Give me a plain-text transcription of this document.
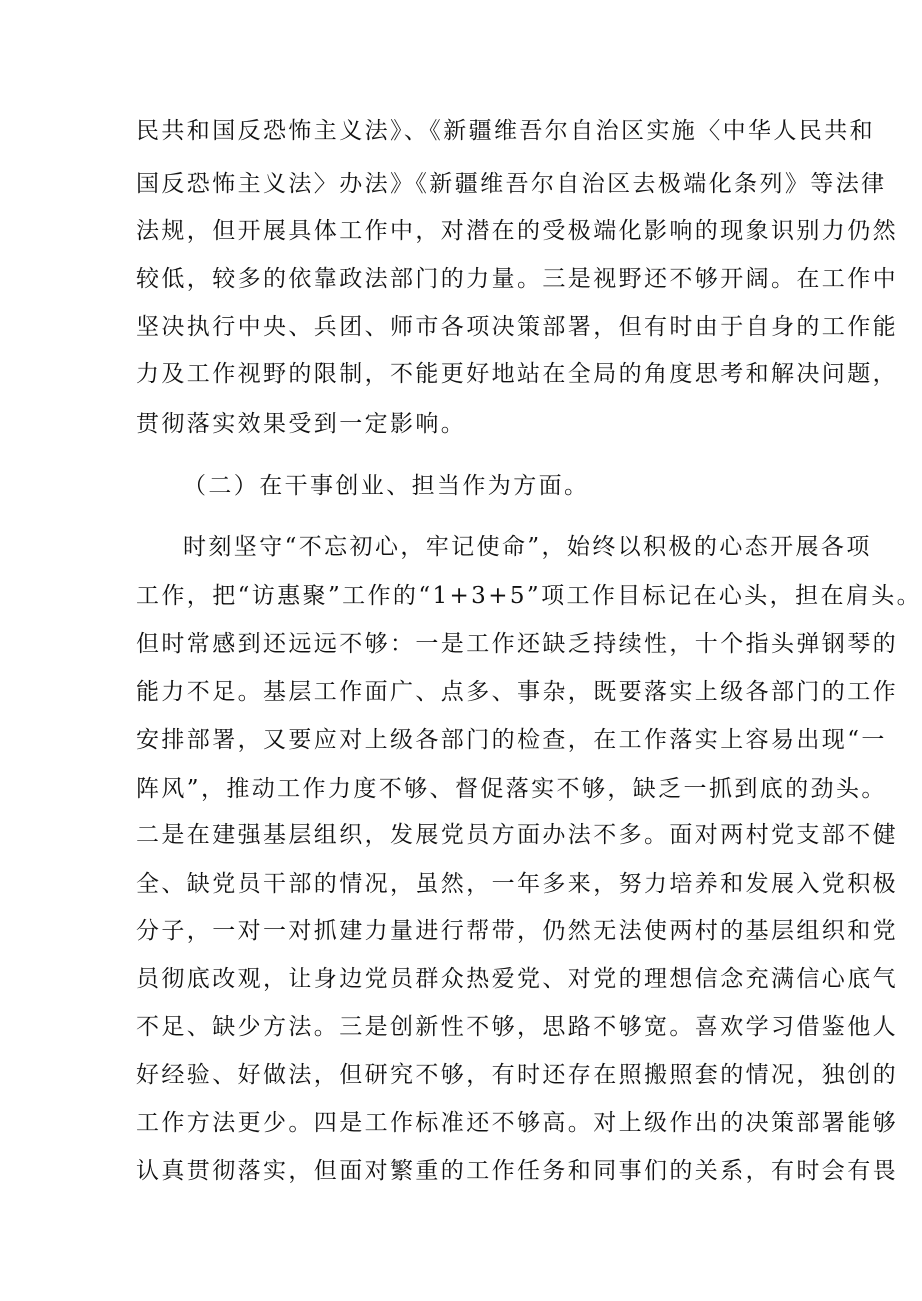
民共和国反恐怖主义法》、《新疆维吾尔自治区实施〈中华人民共和
国反恐怖主义法〉办法》《新疆维吾尔自治区去极端化条列》等法律
法规，但开展具体工作中，对潜在的受极端化影响的现象识别力仍然
较低，较多的依靠政法部门的力量。三是视野还不够开阔。在工作中
坚决执行中央、兵团、师市各项决策部署，但有时由于自身的工作能
力及工作视野的限制，不能更好地站在全局的角度思考和解决问题，
贯彻落实效果受到一定影响。
（二）在干事创业、担当作为方面。
时刻坚守“不忘初心，牢记使命”，始终以积极的心态开展各项
工作，把“访惠聚”工作的“1+3+5”项工作目标记在心头，担在肩头。
但时常感到还远远不够：一是工作还缺乏持续性，十个指头弹钢琴的
能力不足。基层工作面广、点多、事杂，既要落实上级各部门的工作
安排部署，又要应对上级各部门的检查，在工作落实上容易出现“一
阵风”，推动工作力度不够、督促落实不够，缺乏一抓到底的劲头。
二是在建强基层组织，发展党员方面办法不多。面对两村党支部不健
全、缺党员干部的情况，虽然，一年多来，努力培养和发展入党积极
分子，一对一对抓建力量进行帮带，仍然无法使两村的基层组织和党
员彻底改观，让身边党员群众热爱党、对党的理想信念充满信心底气
不足、缺少方法。三是创新性不够，思路不够宽。喜欢学习借鉴他人
好经验、好做法，但研究不够，有时还存在照搬照套的情况，独创的
工作方法更少。四是工作标准还不够高。对上级作出的决策部署能够
认真贯彻落实，但面对繁重的工作任务和同事们的关系，有时会有畏
